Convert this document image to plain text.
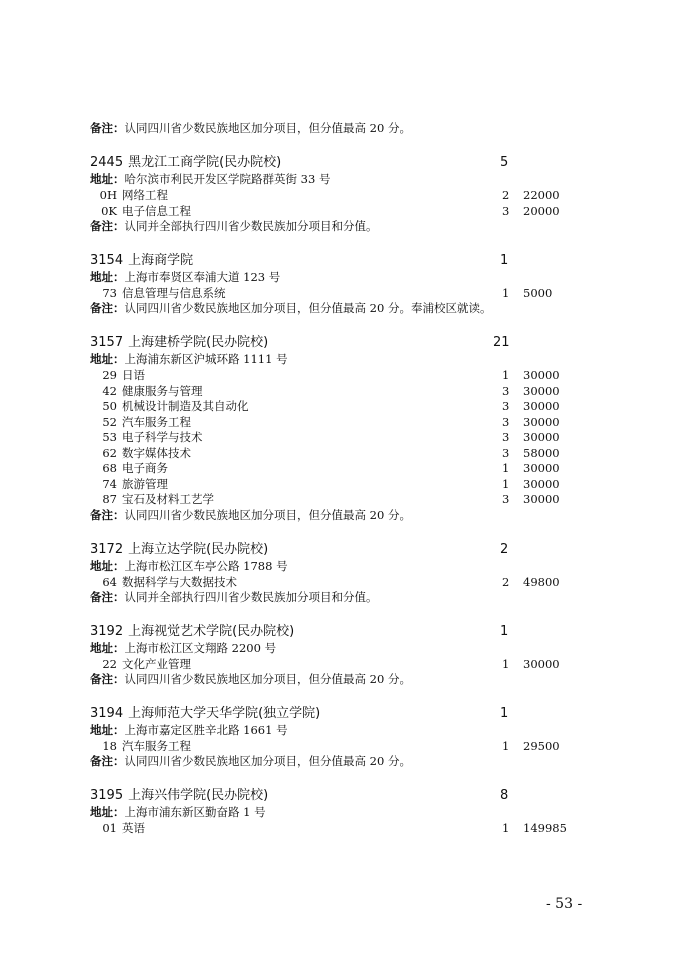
备注：认同四川省少数民族地区加分项目，但分值最高 20 分。
2445 黑龙江工商学院(民办院校)	5
地址：哈尔滨市利民开发区学院路群英街 33 号
0H 网络工程	2 22000
0K 电子信息工程	3 20000
备注：认同并全部执行四川省少数民族加分项目和分值。
3154 上海商学院	1
地址：上海市奉贤区奉浦大道 123 号
73 信息管理与信息系统	1 5000
备注：认同四川省少数民族地区加分项目，但分值最高 20 分。奉浦校区就读。
3157 上海建桥学院(民办院校)	21
地址：上海浦东新区沪城环路 1111 号
29 日语	1 30000
42 健康服务与管理	3 30000
50 机械设计制造及其自动化	3 30000
52 汽车服务工程	3 30000
53 电子科学与技术	3 30000
62 数字媒体技术	3 58000
68 电子商务	1 30000
74 旅游管理	1 30000
87 宝石及材料工艺学	3 30000
备注：认同四川省少数民族地区加分项目，但分值最高 20 分。
3172 上海立达学院(民办院校)	2
地址：上海市松江区车亭公路 1788 号
64 数据科学与大数据技术	2 49800
备注：认同并全部执行四川省少数民族加分项目和分值。
3192 上海视觉艺术学院(民办院校)	1
地址：上海市松江区文翔路 2200 号
22 文化产业管理	1 30000
备注：认同四川省少数民族地区加分项目，但分值最高 20 分。
3194 上海师范大学天华学院(独立学院)	1
地址：上海市嘉定区胜辛北路 1661 号
18 汽车服务工程	1 29500
备注：认同四川省少数民族地区加分项目，但分值最高 20 分。
3195 上海兴伟学院(民办院校)	8
地址：上海市浦东新区勤奋路 1 号
01 英语	1 149985
- 53 -
